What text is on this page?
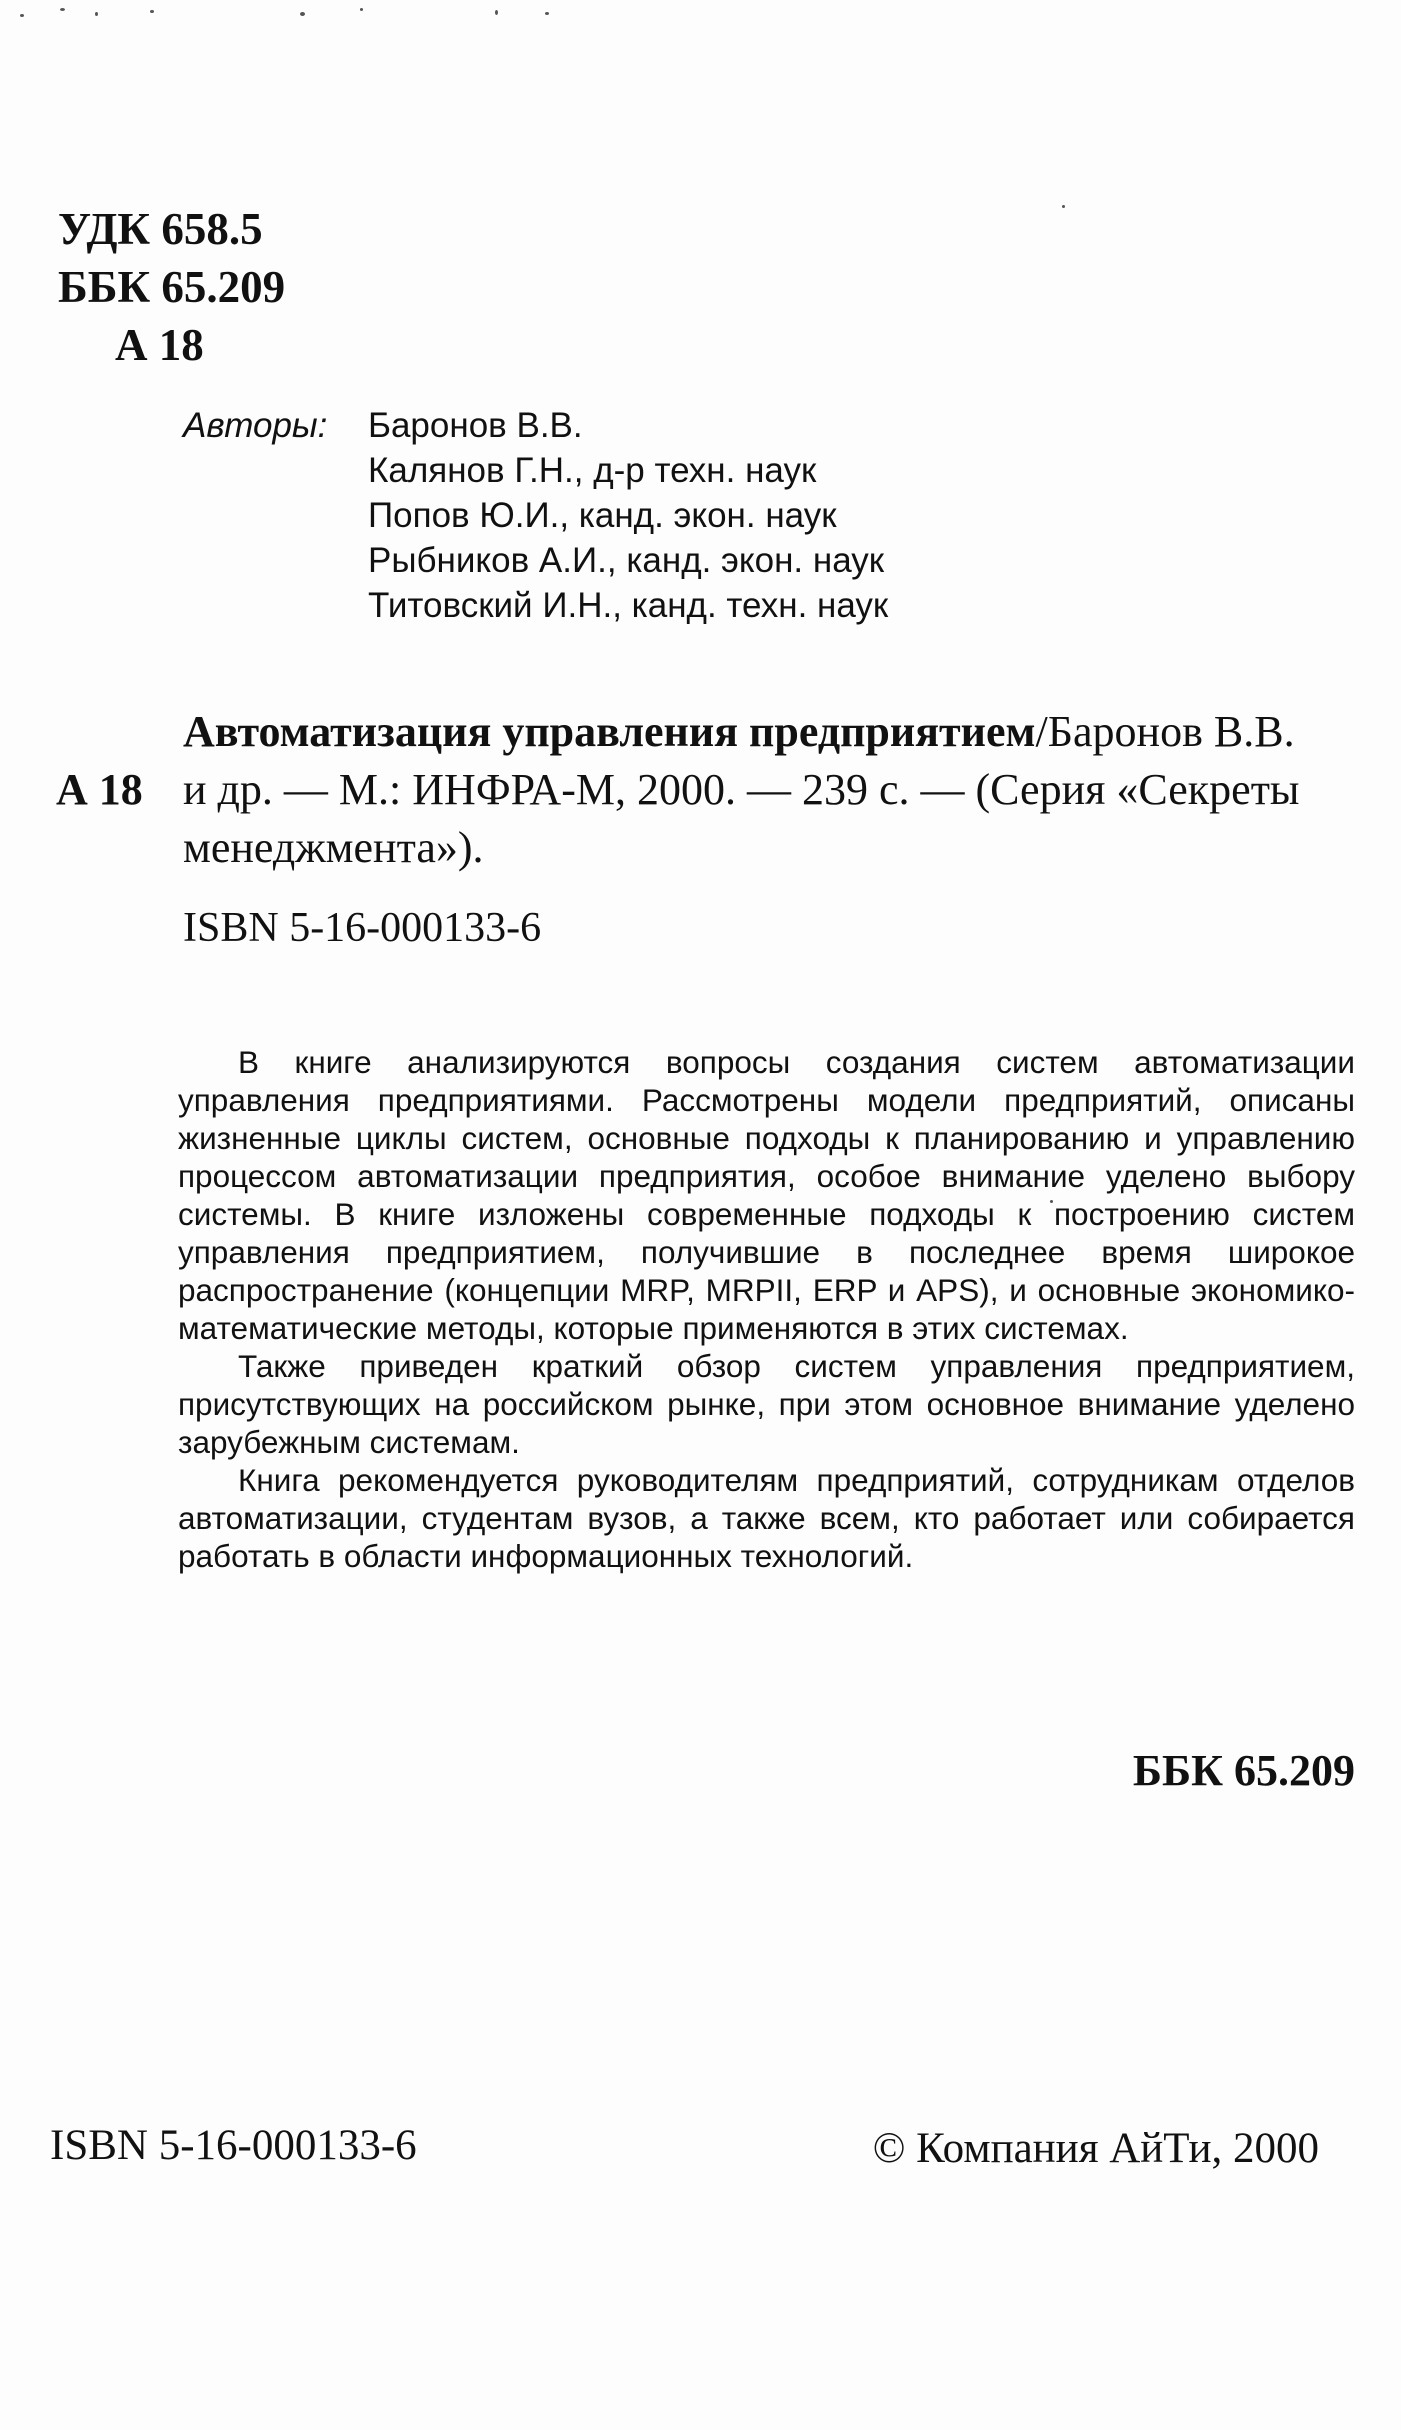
УДК 658.5
ББК 65.209
А 18
Авторы:	Баронов В.В.
Калянов Г.Н., д-р техн. наук
Попов Ю.И., канд. экон. наук
Рыбников А.И., канд. экон. наук
Титовский И.Н., канд. техн. наук
Автоматизация управления предприятием/Баронов В.В.
А 18 и др. — М.: ИНФРА-М, 2000. — 239 с. — (Серия «Секреты
менеджмента»).
ISBN 5-16-000133-6

В книге анализируются вопросы создания систем автоматизации управления предприятиями. Рассмотрены модели предприятий, описаны жизненные циклы систем, основные подходы к планированию и управлению процессом автоматизации предприятия, особое внимание уделено выбору системы. В книге изложены современные подходы к построению систем управления предприятием, получившие в последнее время широкое распространение (концепции MRP, MRPII, ERP и APS), и основные экономико-математические методы, которые применяются в этих системах.

Также приведен краткий обзор систем управления предприятием, присутствующих на российском рынке, при этом основное внимание уделено зарубежным системам.

Книга рекомендуется руководителям предприятий, сотрудникам отделов автоматизации, студентам вузов, а также всем, кто работает или собирается работать в области информационных технологий.

ББК 65.209
ISBN 5-16-000133-6	© Компания АйТи, 2000
